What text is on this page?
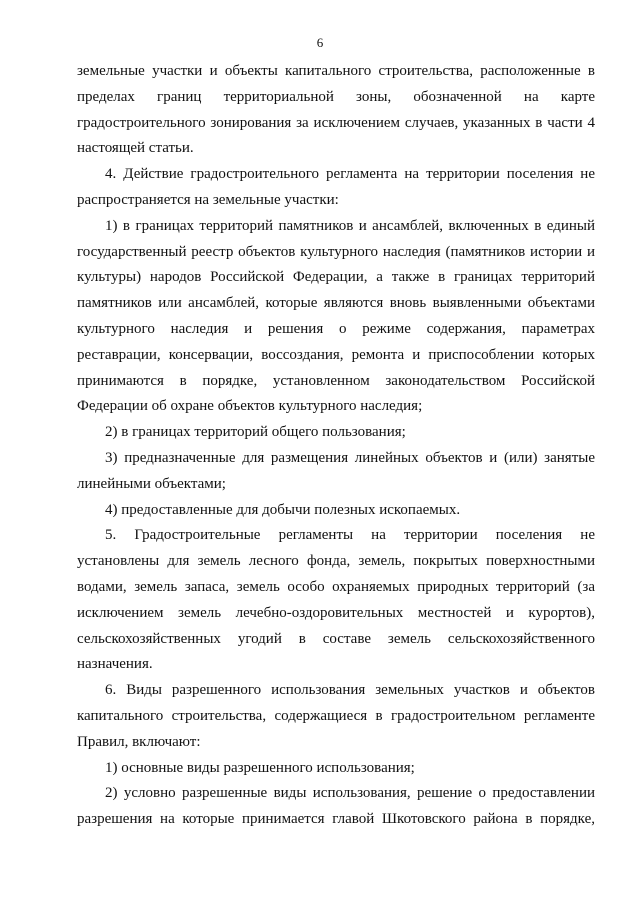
6
земельные участки и объекты капитального строительства, расположенные в
пределах границ территориальной зоны, обозначенной на карте
градостроительного зонирования за исключением случаев, указанных в части 4
настоящей статьи.
4. Действие градостроительного регламента на территории поселения не
распространяется на земельные участки:
1) в границах территорий памятников и ансамблей, включенных в единый
государственный реестр объектов культурного наследия (памятников истории и
культуры) народов Российской Федерации, а также в границах территорий
памятников или ансамблей, которые являются вновь выявленными объектами
культурного наследия и решения о режиме содержания, параметрах
реставрации, консервации, воссоздания, ремонта и приспособлении которых
принимаются в порядке, установленном законодательством Российской
Федерации об охране объектов культурного наследия;
2) в границах территорий общего пользования;
3) предназначенные для размещения линейных объектов и (или) занятые
линейными объектами;
4) предоставленные для добычи полезных ископаемых.
5. Градостроительные регламенты на территории поселения не
установлены для земель лесного фонда, земель, покрытых поверхностными
водами, земель запаса, земель особо охраняемых природных территорий (за
исключением земель лечебно-оздоровительных местностей и курортов),
сельскохозяйственных угодий в составе земель сельскохозяйственного
назначения.
6. Виды разрешенного использования земельных участков и объектов
капитального строительства, содержащиеся в градостроительном регламенте
Правил, включают:
1) основные виды разрешенного использования;
2) условно разрешенные виды использования, решение о предоставлении
разрешения на которые принимается главой Шкотовского района в порядке,
